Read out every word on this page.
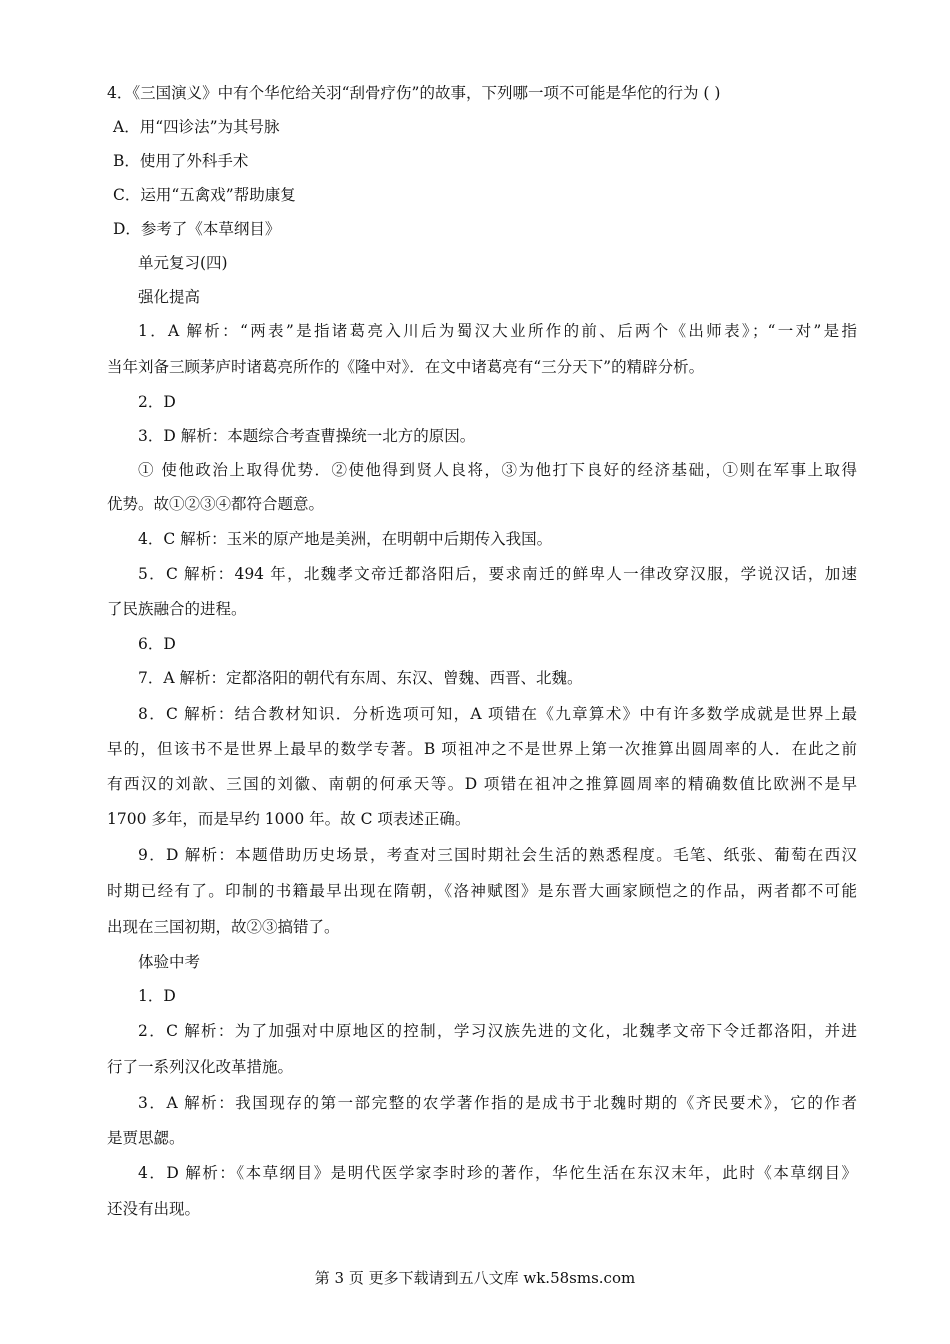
4．《三国演义》中有个华佗给关羽“刮骨疗伤”的故事，下列哪一项不可能是华佗的行为 ( )
A．用“四诊法”为其号脉
B．使用了外科手术
C．运用“五禽戏”帮助康复
D．参考了《本草纲目》
单元复习(四)
强化提高
1．A 解析：“两表”是指诸葛亮入川后为蜀汉大业所作的前、后两个《出师表》；“一对”是指
当年刘备三顾茅庐时诸葛亮所作的《隆中对》．在文中诸葛亮有“三分天下”的精辟分析。
2．D
3．D 解析：本题综合考查曹操统一北方的原因。
① 使他政治上取得优势．②使他得到贤人良将，③为他打下良好的经济基础，①则在军事上取得
优势。故①②③④都符合题意。
4．C 解析：玉米的原产地是美洲，在明朝中后期传入我国。
5．C 解析：494 年，北魏孝文帝迁都洛阳后，要求南迁的鲜卑人一律改穿汉服，学说汉话，加速
了民族融合的进程。
6．D
7．A 解析：定都洛阳的朝代有东周、东汉、曾魏、西晋、北魏。
8．C 解析：结合教材知识．分析选项可知，A 项错在《九章算术》中有许多数学成就是世界上最
早的，但该书不是世界上最早的数学专著。B 项祖冲之不是世界上第一次推算出圆周率的人．在此之前
有西汉的刘歆、三国的刘徽、南朝的何承天等。D 项错在祖冲之推算圆周率的精确数值比欧洲不是早
1700 多年，而是早约 1000 年。故 C 项表述正确。
9．D 解析：本题借助历史场景，考查对三国时期社会生活的熟悉程度。毛笔、纸张、葡萄在西汉
时期已经有了。印制的书籍最早出现在隋朝，《洛神赋图》是东晋大画家顾恺之的作品，两者都不可能
出现在三国初期，故②③搞错了。
体验中考
1．D
2．C 解析：为了加强对中原地区的控制，学习汉族先进的文化，北魏孝文帝下令迁都洛阳，并进
行了一系列汉化改革措施。
3．A 解析：我国现存的第一部完整的农学著作指的是成书于北魏时期的《齐民要术》，它的作者
是贾思勰。
4．D 解析：《本草纲目》是明代医学家李时珍的著作，华佗生活在东汉末年，此时《本草纲目》
还没有出现。
第 3 页 更多下载请到五八文库 wk.58sms.com
